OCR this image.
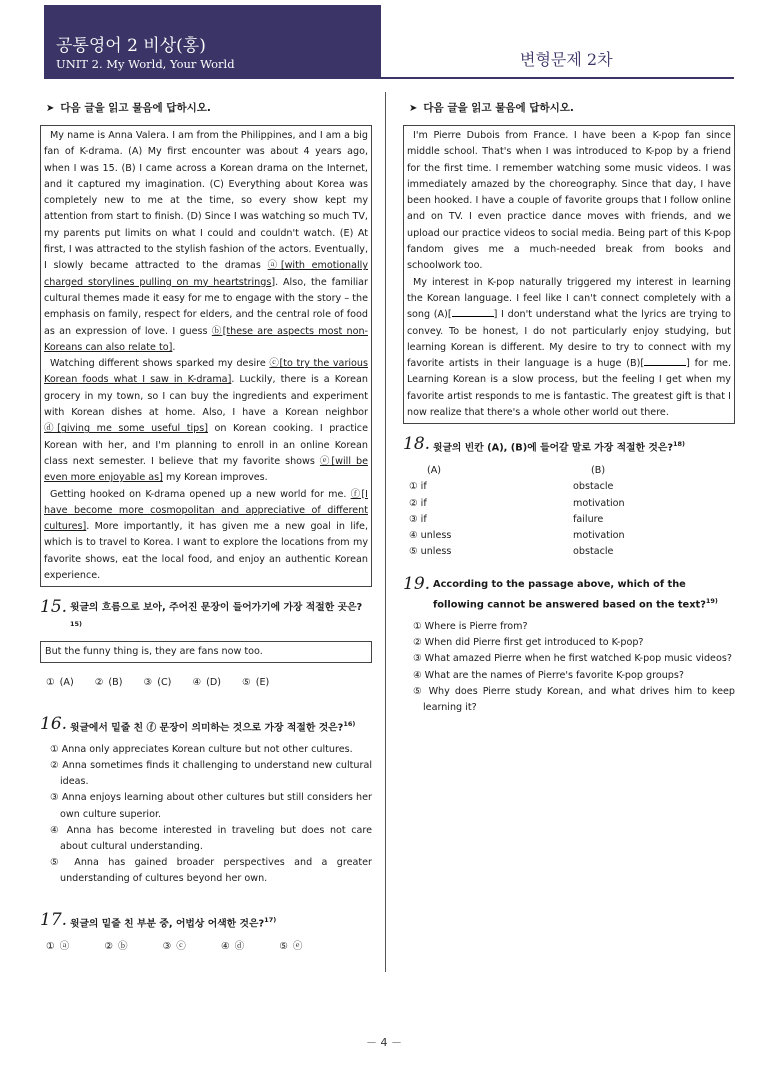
공통영어 2 비상(홍)
UNIT 2. My World, Your World	변형문제 2차
➤ 다음 글을 읽고 물음에 답하시오.

My name is Anna Valera. I am from the Philippines, and I am a big fan of K-drama. (A) My first encounter was about 4 years ago, when I was 15. (B) I came across a Korean drama on the Internet, and it captured my imagination. (C) Everything about Korea was completely new to me at the time, so every show kept my attention from start to finish. (D) Since I was watching so much TV, my parents put limits on what I could and couldn't watch. (E) At first, I was attracted to the stylish fashion of the actors. Eventually, I slowly became attracted to the dramas ⓐ[with emotionally charged storylines pulling on my heartstrings]. Also, the familiar cultural themes made it easy for me to engage with the story – the emphasis on family, respect for elders, and the central role of food as an expression of love. I guess ⓑ[these are aspects most non-Koreans can also relate to].

Watching different shows sparked my desire ⓒ[to try the various Korean foods what I saw in K-drama]. Luckily, there is a Korean grocery in my town, so I can buy the ingredients and experiment with Korean dishes at home. Also, I have a Korean neighbor ⓓ[giving me some useful tips] on Korean cooking. I practice Korean with her, and I'm planning to enroll in an online Korean class next semester. I believe that my favorite shows ⓔ[will be even more enjoyable as] my Korean improves.

Getting hooked on K-drama opened up a new world for me. ⓕ[I have become more cosmopolitan and appreciative of different cultures]. More importantly, it has given me a new goal in life, which is to travel to Korea. I want to explore the locations from my favorite shows, eat the local food, and enjoy an authentic Korean experience.

15. 윗글의 흐름으로 보아, 주어진 문장이 들어가기에 가장 적절한 곳은?$^{15)}$
But the funny thing is, they are fans now too.
① (A) ② (B) ③ (C) ④ (D) ⑤ (E)
16. 윗글에서 밑줄 친 ⓕ 문장이 의미하는 것으로 가장 적절한 것은?$^{16)}$
① Anna only appreciates Korean culture but not other cultures.
② Anna sometimes finds it challenging to understand new cultural ideas.
③ Anna enjoys learning about other cultures but still considers her own culture superior.
④ Anna has become interested in traveling but does not care about cultural understanding.
⑤ Anna has gained broader perspectives and a greater understanding of cultures beyond her own.
17. 윗글의 밑줄 친 부분 중, 어법상 어색한 것은?$^{17)}$
① ⓐ	② ⓑ	③ ⓒ	④ ⓓ	⑤ ⓔ
➤ 다음 글을 읽고 물음에 답하시오.

I'm Pierre Dubois from France. I have been a K-pop fan since middle school. That's when I was introduced to K-pop by a friend for the first time. I remember watching some music videos. I was immediately amazed by the choreography. Since that day, I have been hooked. I have a couple of favorite groups that I follow online and on TV. I even practice dance moves with friends, and we upload our practice videos to social media. Being part of this K-pop fandom gives me a much-needed break from books and schoolwork too.

My interest in K-pop naturally triggered my interest in learning the Korean language. I feel like I can't connect completely with a song (A)[	] I don't understand what the lyrics are trying to convey. To be honest, I do not particularly enjoy studying, but learning Korean is different. My desire to try to connect with my favorite artists in their language is a huge (B)[	] for me. Learning Korean is a slow process, but the feeling I get when my favorite artist responds to me is fantastic. The greatest gift is that I now realize that there's a whole other world out there.

18. 윗글의 빈칸 (A), (B)에 들어갈 말로 가장 적절한 것은?$^{18)}$
(A)	(B)
① if	obstacle
② if	motivation
③ if	failure
④ unless	motivation
⑤ unless	obstacle
19. According to the passage above, which of the following cannot be answered based on the text?$^{19)}$
① Where is Pierre from?
② When did Pierre first get introduced to K-pop?
③ What amazed Pierre when he first watched K-pop music videos?
④ What are the names of Pierre's favorite K-pop groups?
⑤ Why does Pierre study Korean, and what drives him to keep learning it?
－ 4 －
